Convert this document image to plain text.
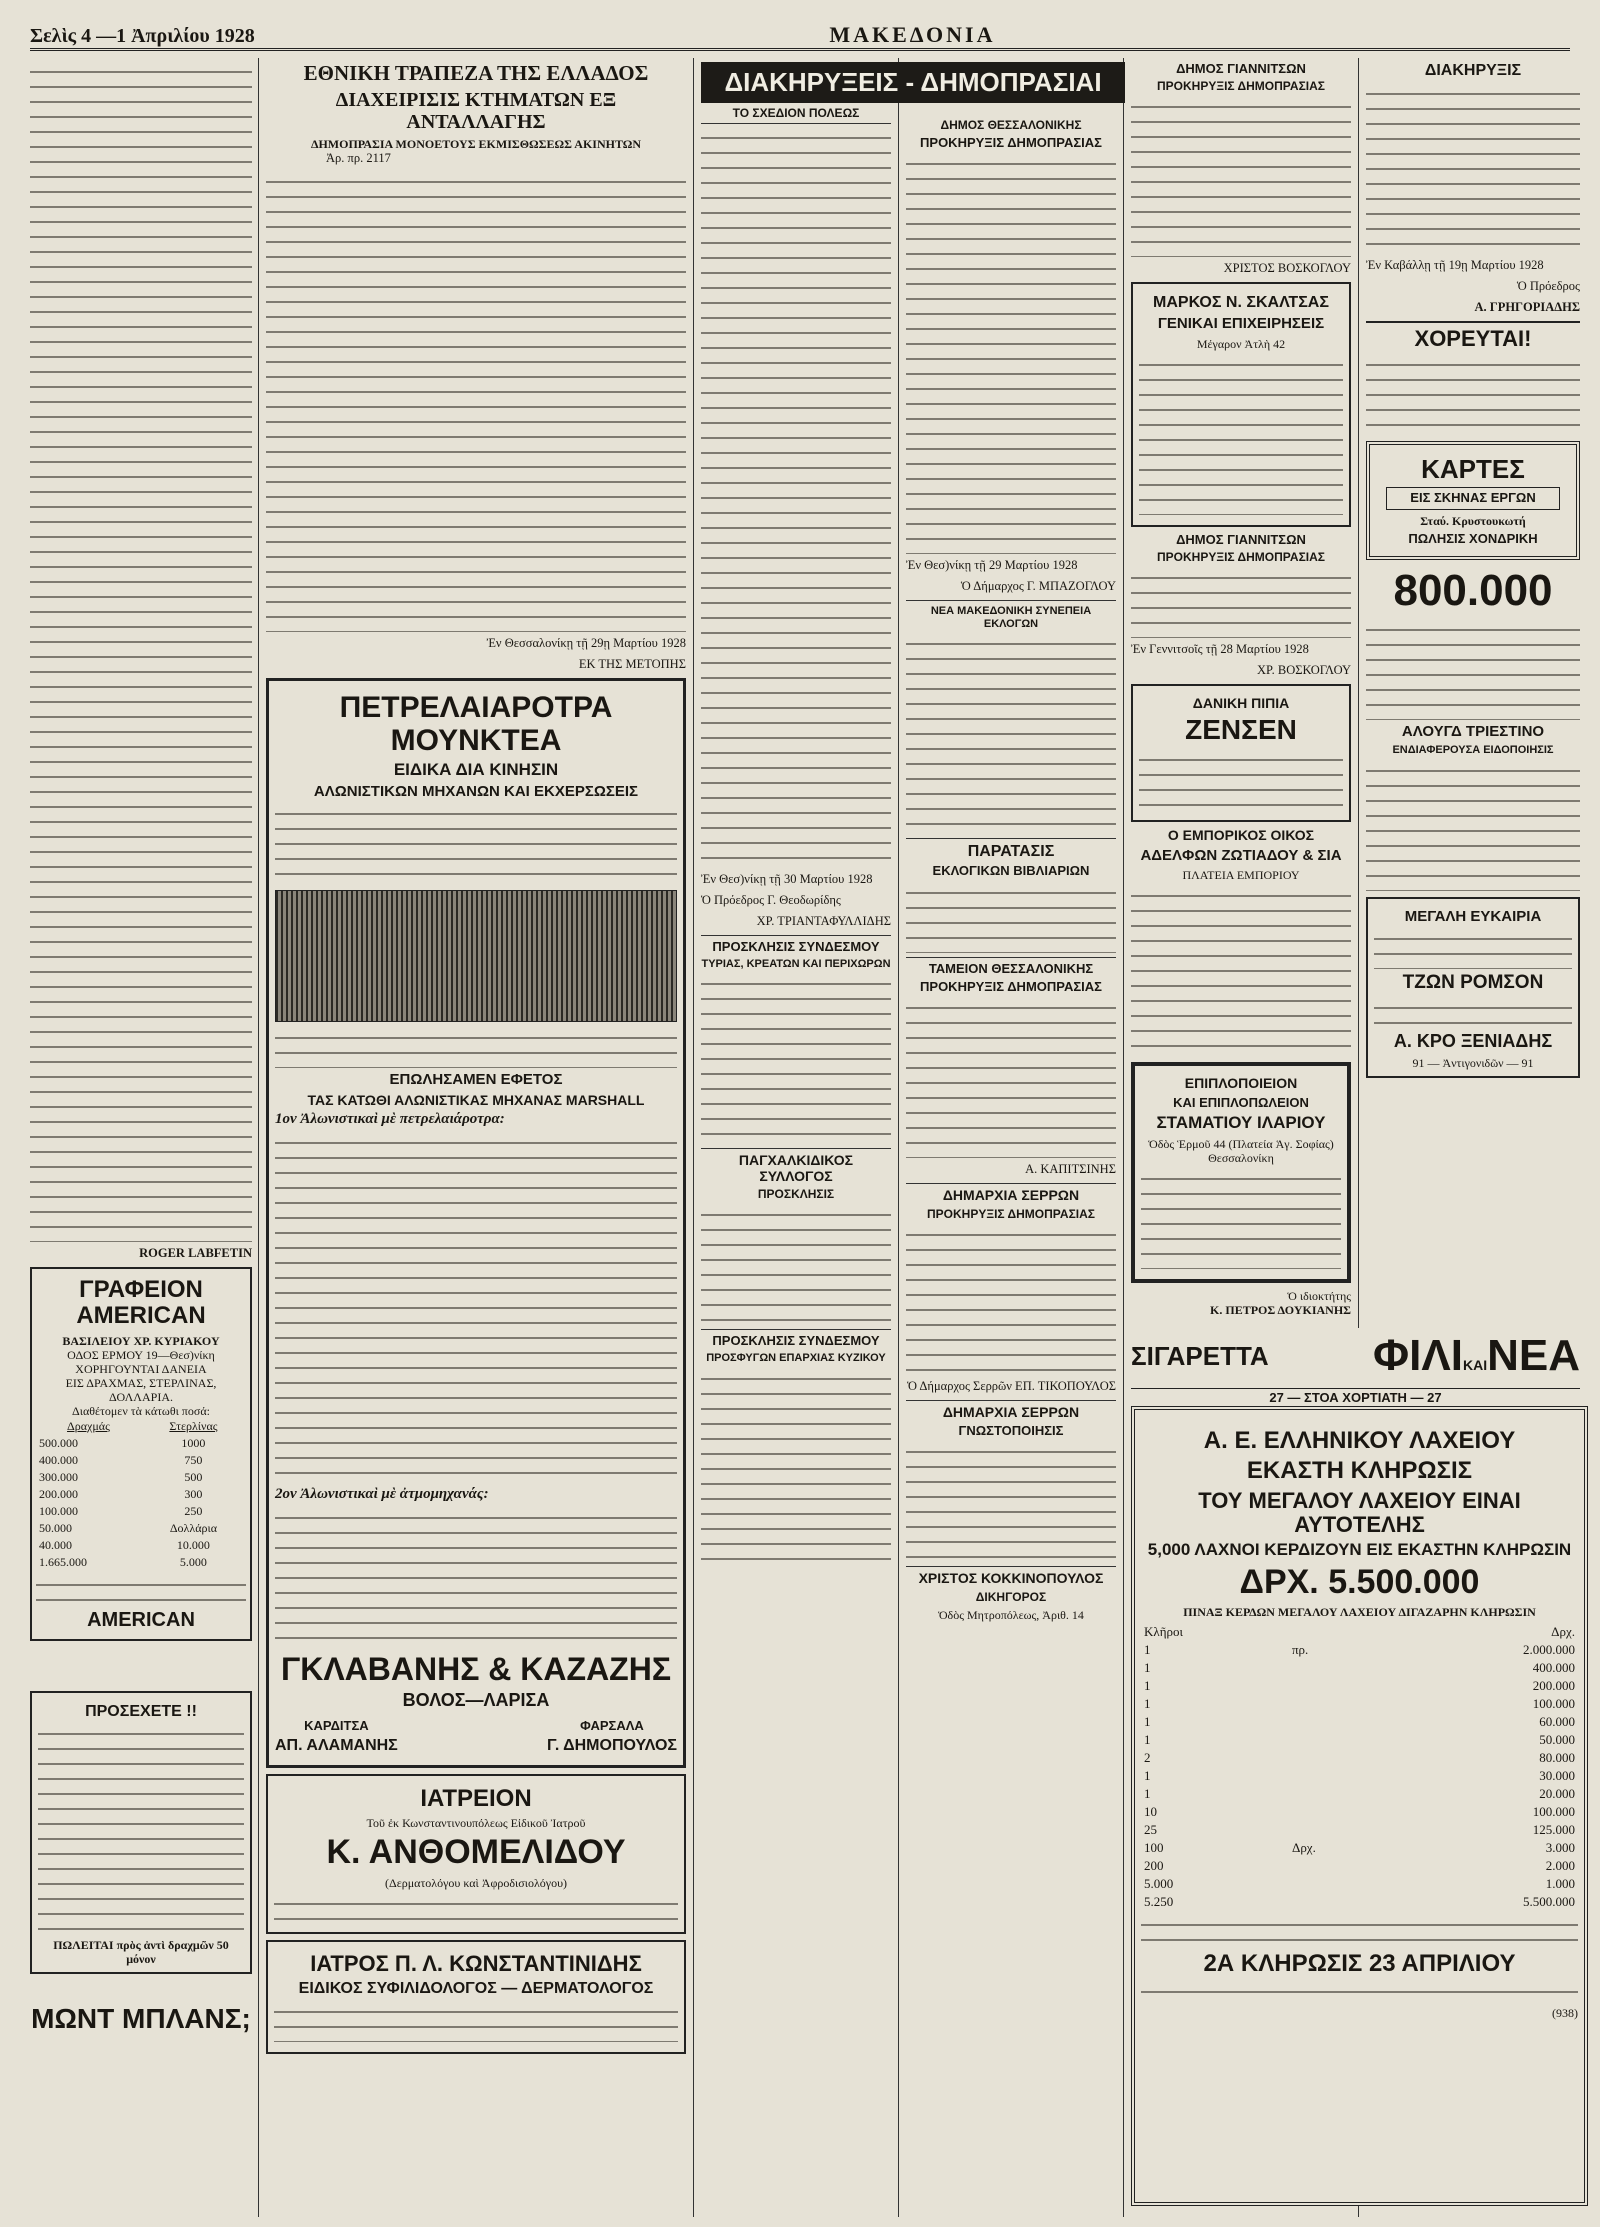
Σελὶς 4 —1 Ἀπριλίου 1928	ΜΑΚΕΔΟΝΙΑ
ROGER LABFETIN
ΓΡΑΦΕΙΟΝ AMERICAN
ΒΑΣΙΛΕΙΟΥ ΧΡ. ΚΥΡΙΑΚΟΥ
ΟΔΟΣ ΕΡΜΟΥ 19—Θεσ)νίκη
ΧΟΡΗΓΟΥΝΤΑΙ ΔΑΝΕΙΑ
ΕΙΣ ΔΡΑΧΜΑΣ, ΣΤΕΡΛΙΝΑΣ, ΔΟΛΛΑΡΙΑ.
Διαθέτομεν τὰ κάτωθι ποσά:
Δραχμάς	Στερλίνας
500.000	1000
400.000	750
300.000	500
200.000	300
100.000	250
50.000	Δολλάρια
40.000	10.000
1.665.000	5.000
AMERICAN
ΠΡΟΣΕΧΕΤΕ !!
ΠΩΛΕΙΤΑΙ πρὸς ἀντὶ δραχμῶν 50 μόνον
ΜΩΝΤ ΜΠΛΑΝΣ;
ΕΘΝΙΚΗ ΤΡΑΠΕΖΑ ΤΗΣ ΕΛΛΑΔΟΣ
ΔΙΑΧΕΙΡΙΣΙΣ ΚΤΗΜΑΤΩΝ ΕΞ ΑΝΤΑΛΛΑΓΗΣ
ΔΗΜΟΠΡΑΣΙΑ ΜΟΝΟΕΤΟΥΣ ΕΚΜΙΣΘΩΣΕΩΣ ΑΚΙΝΗΤΩΝ
Ἀρ. πρ. 2117
Ἐν Θεσσαλονίκῃ τῇ 29ῃ Μαρτίου 1928
ΕΚ ΤΗΣ ΜΕΤΟΠΗΣ
ΠΕΤΡΕΛΑΙΑΡΟΤΡΑ ΜΟΥΝΚΤΕΑ
ΕΙΔΙΚΑ ΔΙΑ ΚΙΝΗΣΙΝ
ΑΛΩΝΙΣΤΙΚΩΝ ΜΗΧΑΝΩΝ ΚΑΙ ΕΚΧΕΡΣΩΣΕΙΣ
ΕΠΩΛΗΣΑΜΕΝ ΕΦΕΤΟΣ
ΤΑΣ ΚΑΤΩΘΙ ΑΛΩΝΙΣΤΙΚΑΣ ΜΗΧΑΝΑΣ MARSHALL
1ον Ἀλωνιστικαὶ μὲ πετρελαιάροτρα:
2ον Ἀλωνιστικαὶ μὲ ἀτμομηχανάς:
ΓΚΛΑΒΑΝΗΣ & ΚΑΖΑΖΗΣ
ΒΟΛΟΣ—ΛΑΡΙΣΑ
ΚΑΡΔΙΤΣΑ
ΑΠ. ΑΛΑΜΑΝΗΣ
ΦΑΡΣΑΛΑ
Γ. ΔΗΜΟΠΟΥΛΟΣ
ΙΑΤΡΕΙΟΝ
Τοῦ ἐκ Κωνσταντινουπόλεως Εἰδικοῦ Ἰατροῦ
Κ. ΑΝΘΟΜΕΛΙΔΟΥ
(Δερματολόγου καὶ Ἀφροδισιολόγου)
ΙΑΤΡΟΣ Π. Λ. ΚΩΝΣΤΑΝΤΙΝΙΔΗΣ
ΕΙΔΙΚΟΣ ΣΥΦΙΛΙΔΟΛΟΓΟΣ — ΔΕΡΜΑΤΟΛΟΓΟΣ
ΔΙΑΚΗΡΥΞΕΙΣ - ΔΗΜΟΠΡΑΣΙΑΙ
ΤΟ ΣΧΕΔΙΟΝ ΠΟΛΕΩΣ
Ἐν Θεσ)νίκῃ τῇ 30 Μαρτίου 1928
Ὁ Πρόεδρος Γ. Θεοδωρίδης
ΧΡ. ΤΡΙΑΝΤΑΦΥΛΛΙΔΗΣ
ΠΡΟΣΚΛΗΣΙΣ ΣΥΝΔΕΣΜΟΥ
ΤΥΡΙΑΣ, ΚΡΕΑΤΩΝ ΚΑΙ ΠΕΡΙΧΩΡΩΝ
ΠΑΓΧΑΛΚΙΔΙΚΟΣ ΣΥΛΛΟΓΟΣ
ΠΡΟΣΚΛΗΣΙΣ
ΠΡΟΣΚΛΗΣΙΣ ΣΥΝΔΕΣΜΟΥ
ΠΡΟΣΦΥΓΩΝ ΕΠΑΡΧΙΑΣ ΚΥΖΙΚΟΥ
ΔΗΜΟΣ ΘΕΣΣΑΛΟΝΙΚΗΣ
ΠΡΟΚΗΡΥΞΙΣ ΔΗΜΟΠΡΑΣΙΑΣ
Ἐν Θεσ)νίκῃ τῇ 29 Μαρτίου 1928
Ὁ Δήμαρχος Γ. ΜΠΑΖΟΓΛΟΥ
ΝΕΑ ΜΑΚΕΔΟΝΙΚΗ ΣΥΝΕΠΕΙΑ ΕΚΛΟΓΩΝ
ΠΑΡΑΤΑΣΙΣ
ΕΚΛΟΓΙΚΩΝ ΒΙΒΛΙΑΡΙΩΝ
ΤΑΜΕΙΟΝ ΘΕΣΣΑΛΟΝΙΚΗΣ
ΠΡΟΚΗΡΥΞΙΣ ΔΗΜΟΠΡΑΣΙΑΣ
Α. ΚΑΠΙΤΣΙΝΗΣ
ΔΗΜΑΡΧΙΑ ΣΕΡΡΩΝ
ΠΡΟΚΗΡΥΞΙΣ ΔΗΜΟΠΡΑΣΙΑΣ
Ὁ Δήμαρχος Σερρῶν ΕΠ. ΤΙΚΟΠΟΥΛΟΣ
ΔΗΜΑΡΧΙΑ ΣΕΡΡΩΝ
ΓΝΩΣΤΟΠΟΙΗΣΙΣ
ΧΡΙΣΤΟΣ ΚΟΚΚΙΝΟΠΟΥΛΟΣ
ΔΙΚΗΓΟΡΟΣ
Ὁδὸς Μητροπόλεως, Ἀριθ. 14
ΔΗΜΟΣ ΓΙΑΝΝΙΤΣΩΝ
ΠΡΟΚΗΡΥΞΙΣ ΔΗΜΟΠΡΑΣΙΑΣ
ΧΡΙΣΤΟΣ ΒΟΣΚΟΓΛΟΥ
ΜΑΡΚΟΣ Ν. ΣΚΑΛΤΣΑΣ
ΓΕΝΙΚΑΙ ΕΠΙΧΕΙΡΗΣΕΙΣ
Μέγαρον Ἀτλὴ 42
ΔΗΜΟΣ ΓΙΑΝΝΙΤΣΩΝ
ΠΡΟΚΗΡΥΞΙΣ ΔΗΜΟΠΡΑΣΙΑΣ
Ἐν Γεννιτσοῖς τῇ 28 Μαρτίου 1928
ΧΡ. ΒΟΣΚΟΓΛΟΥ
ΔΑΝΙΚΗ ΠΙΠΙΑ
ΖΕΝΣΕΝ
Ο ΕΜΠΟΡΙΚΟΣ ΟΙΚΟΣ
ΑΔΕΛΦΩΝ ΖΩΤΙΑΔΟΥ & ΣΙΑ
ΠΛΑΤΕΙΑ ΕΜΠΟΡΙΟΥ
ΕΠΙΠΛΟΠΟΙΕΙΟΝ
ΚΑΙ ΕΠΙΠΛΟΠΩΛΕΙΟΝ
ΣΤΑΜΑΤΙΟΥ ΙΛΑΡΙΟΥ
Ὁδὸς Ἑρμοῦ 44 (Πλατεία Ἁγ. Σοφίας)
Θεσσαλονίκη
Ὁ ιδιοκτήτης
Κ. ΠΕΤΡΟΣ ΔΟΥΚΙΑΝΗΣ
ΔΙΑΚΗΡΥΞΙΣ
Ἐν Καβάλλῃ τῇ 19ῃ Μαρτίου 1928
Ὁ Πρόεδρος
Α. ΓΡΗΓΟΡΙΑΔΗΣ
ΧΟΡΕΥΤΑΙ!
ΚΑΡΤΕΣ
ΕΙΣ ΣΚΗΝΑΣ ΕΡΓΩΝ
Σταύ. Κρυστουκωτή
ΠΩΛΗΣΙΣ ΧΟΝΔΡΙΚΗ
800.000
ΑΛΟΥΓΔ ΤΡΙΕΣΤΙΝΟ
ΕΝΔΙΑΦΕΡΟΥΣΑ ΕΙΔΟΠΟΙΗΣΙΣ
ΜΕΓΑΛΗ ΕΥΚΑΙΡΙΑ
ΤΖΩΝ ΡΟΜΣΟΝ
Α. ΚΡΟ ΞΕΝΙΑΔΗΣ
91 — Ἀντιγονιδῶν — 91
ΣΙΓΑΡΕΤΤΑ ΦΙΛΙΚΑΙΝΕΑ
27 — ΣΤΟΑ ΧΟΡΤΙΑΤΗ — 27
Α. Ε. ΕΛΛΗΝΙΚΟΥ ΛΑΧΕΙΟΥ
ΕΚΑΣΤΗ ΚΛΗΡΩΣΙΣ
ΤΟΥ ΜΕΓΑΛΟΥ ΛΑΧΕΙΟΥ ΕΙΝΑΙ ΑΥΤΟΤΕΛΗΣ
5,000 ΛΑΧΝΟΙ ΚΕΡΔΙΖΟΥΝ ΕΙΣ ΕΚΑΣΤΗΝ ΚΛΗΡΩΣΙΝ
ΔΡΧ. 5.500.000
ΠΙΝΑΞ ΚΕΡΔΩΝ ΜΕΓΑΛΟΥ ΛΑΧΕΙΟΥ ΔΙΓΑΖΑΡΗΝ ΚΛΗΡΩΣΙΝ
Κλῆροι		Δρχ.
1	πρ.	2.000.000
1		400.000
1		200.000
1		100.000
1		60.000
1		50.000
2		80.000
1		30.000
1		20.000
10		100.000
25		125.000
100	Δρχ.	3.000
200		2.000
5.000		1.000
5.250		5.500.000
2Α ΚΛΗΡΩΣΙΣ 23 ΑΠΡΙΛΙΟΥ
(938)
